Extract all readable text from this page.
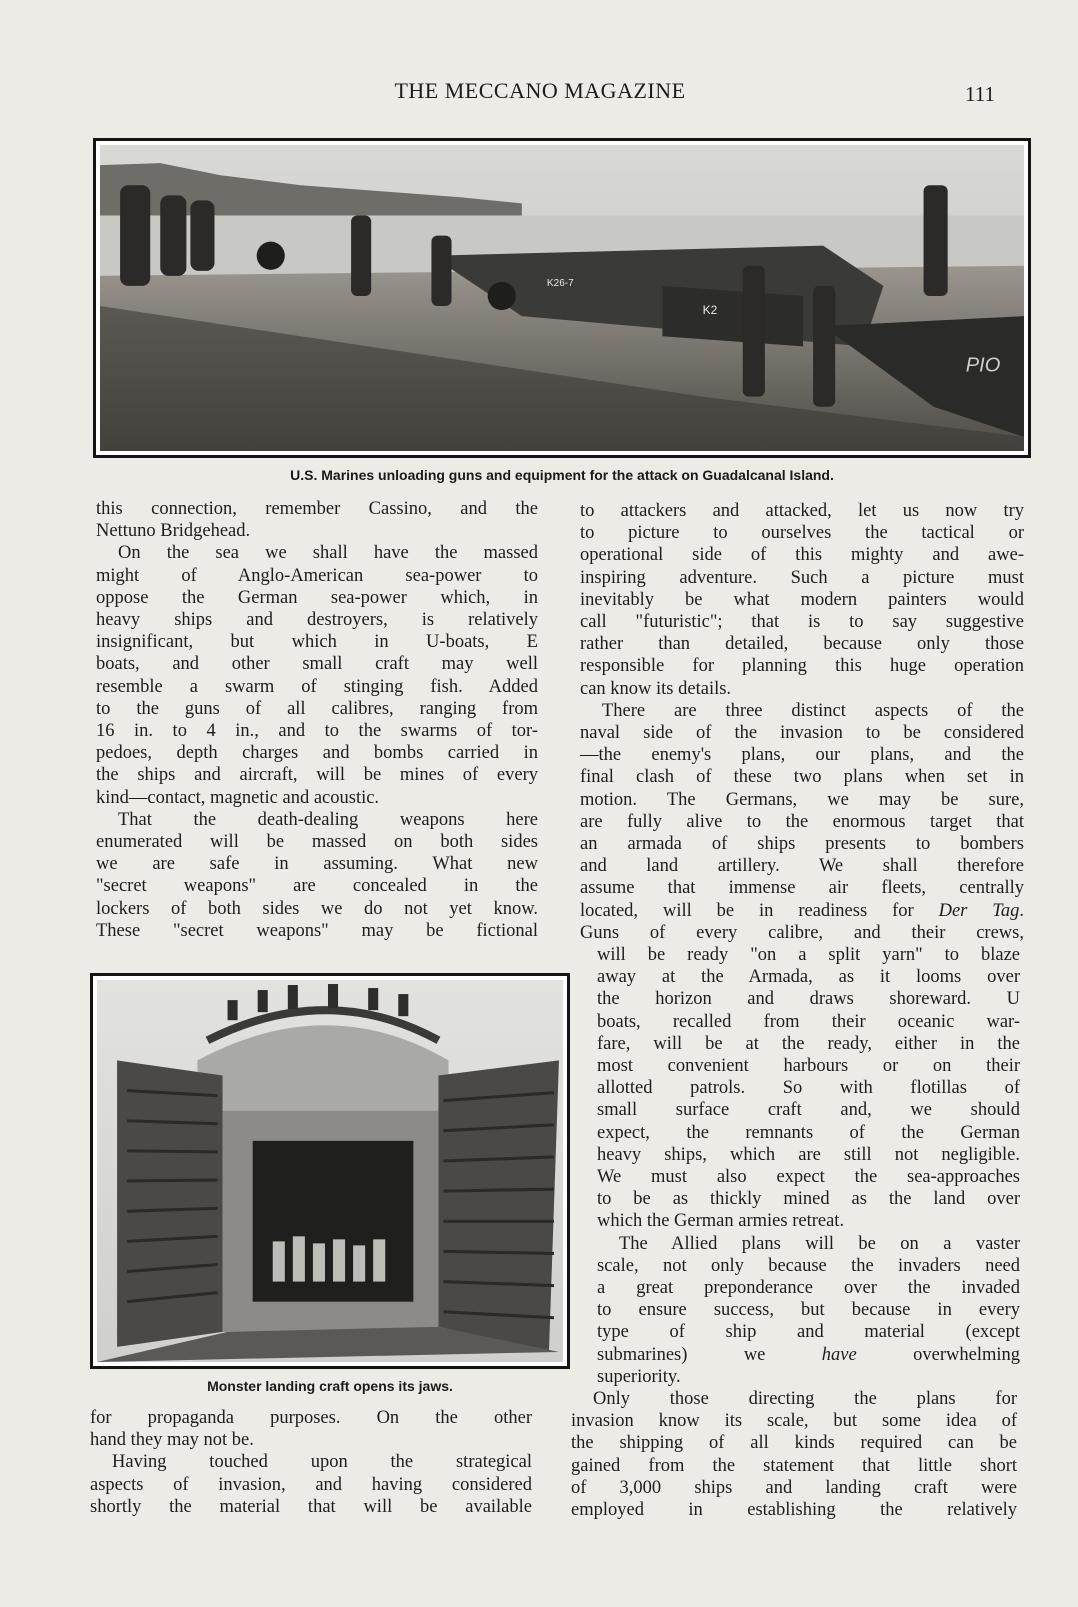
THE MECCANO MAGAZINE	111
K26-7
K2
PIO
U.S. Marines unloading guns and equipment for the attack on Guadalcanal Island.
this connection, remember Cassino, and the
Nettuno Bridgehead.
On the sea we shall have the massed
might of Anglo-American sea-power to
oppose the German sea-power which, in
heavy ships and destroyers, is relatively
insignificant, but which in U-boats, E
boats, and other small craft may well
resemble a swarm of stinging fish. Added
to the guns of all calibres, ranging from
16 in. to 4 in., and to the swarms of tor-
pedoes, depth charges and bombs carried in
the ships and aircraft, will be mines of every
kind—contact, magnetic and acoustic.
That the death-dealing weapons here
enumerated will be massed on both sides
we are safe in assuming. What new
"secret weapons" are concealed in the
lockers of both sides we do not yet know.
These "secret weapons" may be fictional
Monster landing craft opens its jaws.
for propaganda purposes. On the other
hand they may not be.
Having touched upon the strategical
aspects of invasion, and having considered
shortly the material that will be available
to attackers and attacked, let us now try
to picture to ourselves the tactical or
operational side of this mighty and awe-
inspiring adventure. Such a picture must
inevitably be what modern painters would
call "futuristic"; that is to say suggestive
rather than detailed, because only those
responsible for planning this huge operation
can know its details.
There are three distinct aspects of the
naval side of the invasion to be considered
—the enemy's plans, our plans, and the
final clash of these two plans when set in
motion. The Germans, we may be sure,
are fully alive to the enormous target that
an armada of ships presents to bombers
and land artillery. We shall therefore
assume that immense air fleets, centrally
located, will be in readiness for Der Tag.
Guns of every calibre, and their crews,
will be ready "on a split yarn" to blaze
away at the Armada, as it looms over
the horizon and draws shoreward. U
boats, recalled from their oceanic war-
fare, will be at the ready, either in the
most convenient harbours or on their
allotted patrols. So with flotillas of
small surface craft and, we should
expect, the remnants of the German
heavy ships, which are still not negligible.
We must also expect the sea-approaches
to be as thickly mined as the land over
which the German armies retreat.
The Allied plans will be on a vaster
scale, not only because the invaders need
a great preponderance over the invaded
to ensure success, but because in every
type of ship and material (except
submarines) we have overwhelming
superiority.
Only those directing the plans for
invasion know its scale, but some idea of
the shipping of all kinds required can be
gained from the statement that little short
of 3,000 ships and landing craft were
employed in establishing the relatively
